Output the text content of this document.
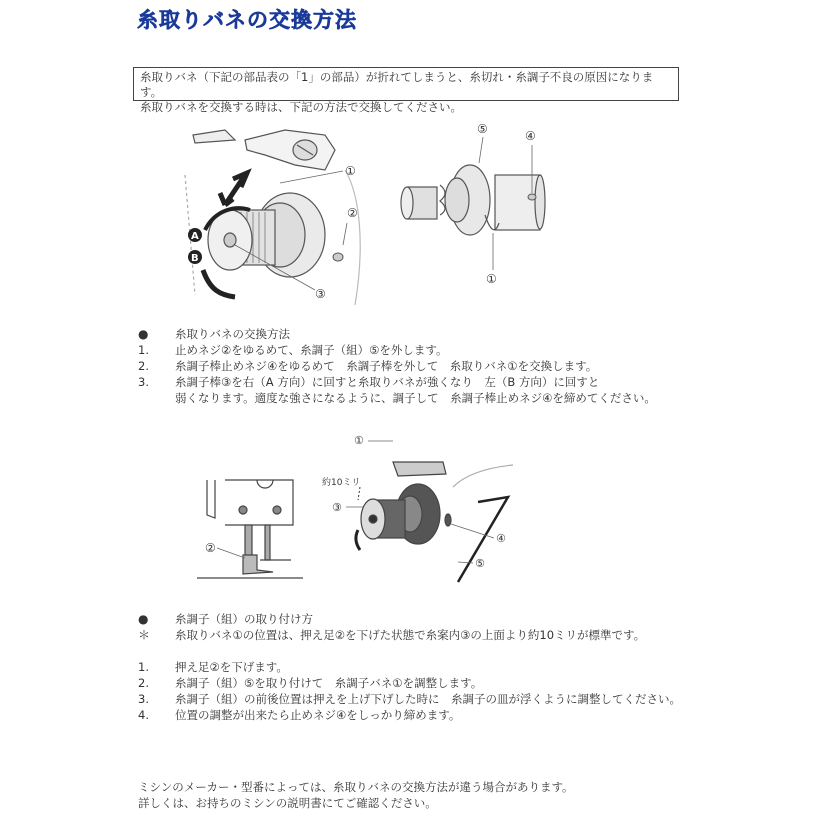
糸取りバネの交換方法
糸取りバネ（下記の部品表の「1」の部品）が折れてしまうと、糸切れ・糸調子不良の原因になります。
糸取りバネを交換する時は、下記の方法で交換してください。
A
B
①
②
③
⑤	④
①
●	糸取りバネの交換方法
1.	止めネジ②をゆるめて、糸調子（組）⑤を外します。
2.	糸調子棒止めネジ④をゆるめて　糸調子棒を外して　糸取りバネ①を交換します。
3.	糸調子棒③を右（A 方向）に回すと糸取りバネが強くなり　左（B 方向）に回すと
弱くなります。適度な強さになるように、調子して　糸調子棒止めネジ④を締めてください。
②
①
約10ミリ
③
④
⑤
●	糸調子（組）の取り付け方
＊	糸取りバネ①の位置は、押え足②を下げた状態で糸案内③の上面より約10ミリが標準です。
1.	押え足②を下げます。
2.	糸調子（組）⑤を取り付けて　糸調子バネ①を調整します。
3.	糸調子（組）の前後位置は押えを上げ下げした時に　糸調子の皿が浮くように調整してください。
4.	位置の調整が出来たら止めネジ④をしっかり締めます。
ミシンのメーカー・型番によっては、糸取りバネの交換方法が違う場合があります。
詳しくは、お持ちのミシンの説明書にてご確認ください。
